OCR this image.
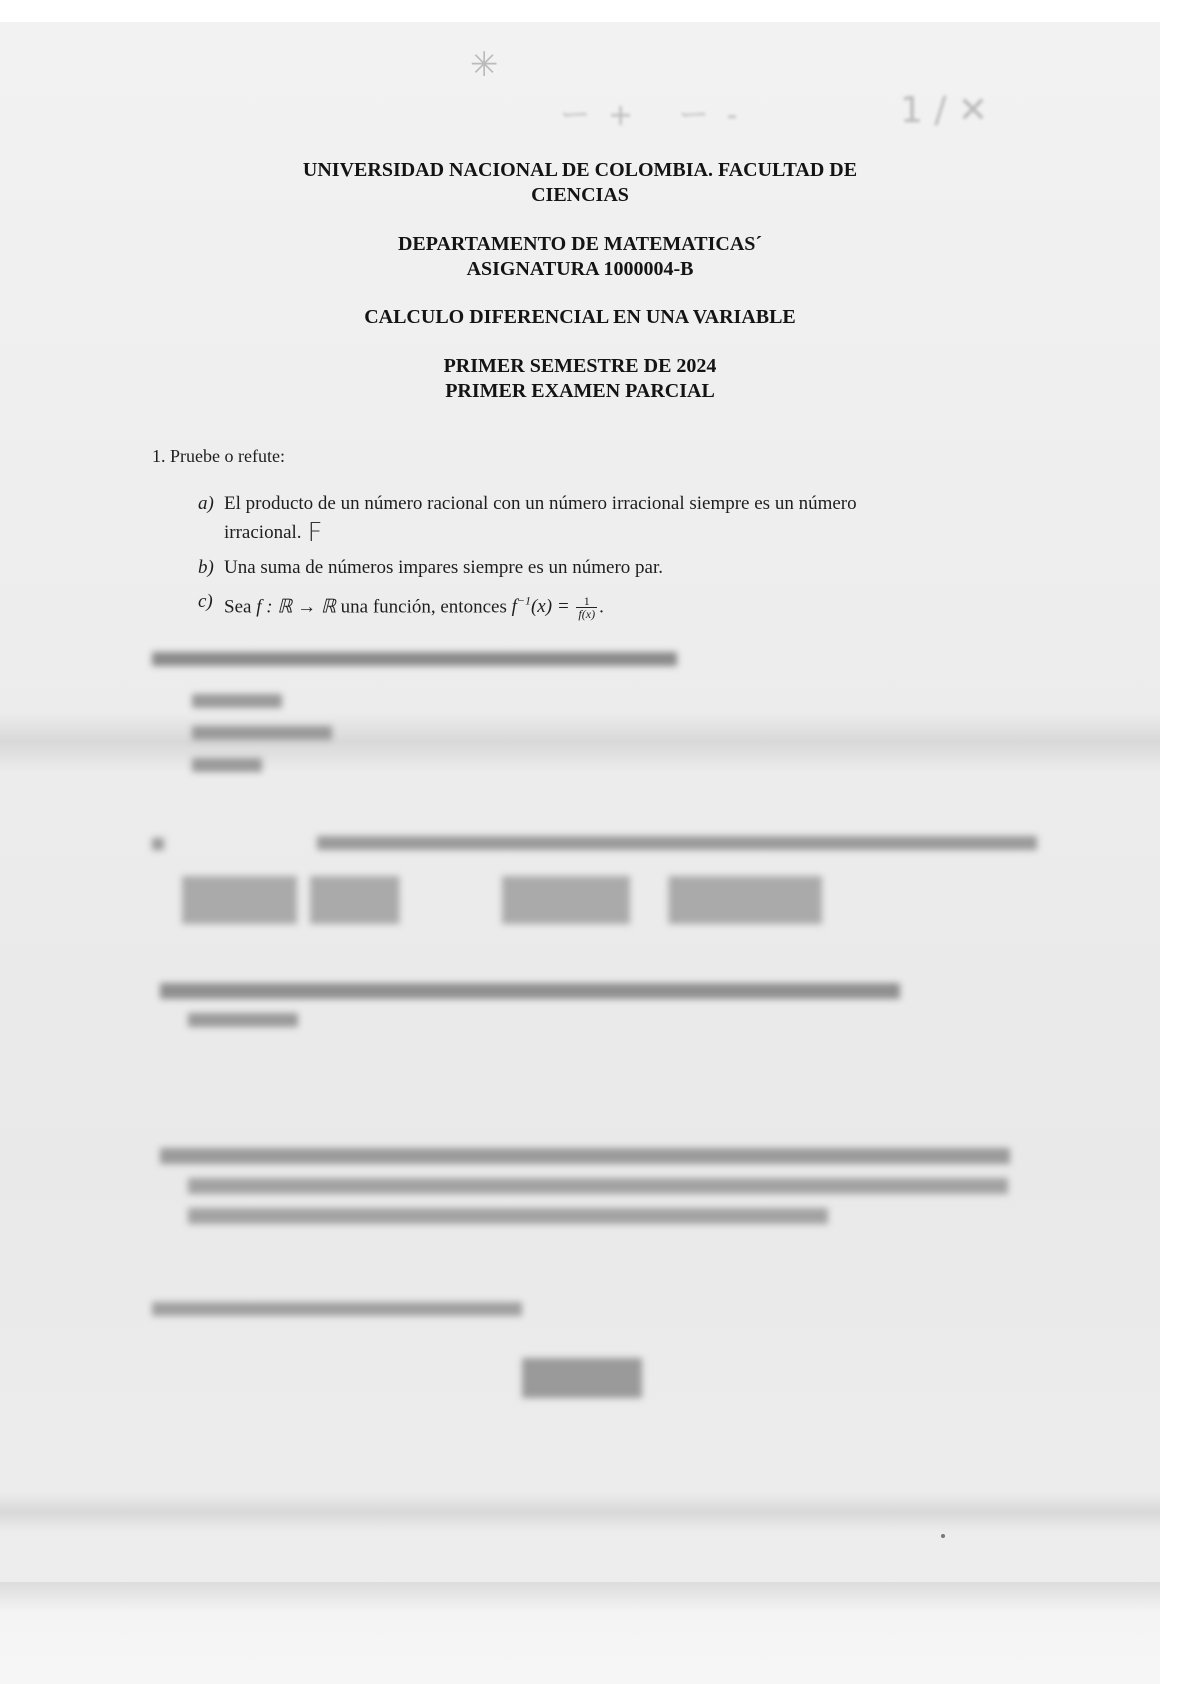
✳
ー+ ー-	1 ∕ ✕

UNIVERSIDAD NACIONAL DE COLOMBIA. FACULTAD DE

CIENCIAS

DEPARTAMENTO DE MATEMATICAS´

ASIGNATURA 1000004-B

CALCULO DIFERENCIAL EN UNA VARIABLE

PRIMER SEMESTRE DE 2024

PRIMER EXAMEN PARCIAL

1. Pruebe o refute:
a) El producto de un número racional con un número irracional siempre es un número irracional. F
b) Una suma de números impares siempre es un número par.
c) Sea f : ℝ → ℝ una función, entonces $f^{-1}(x) = \frac{1}{f(x)}$ .
